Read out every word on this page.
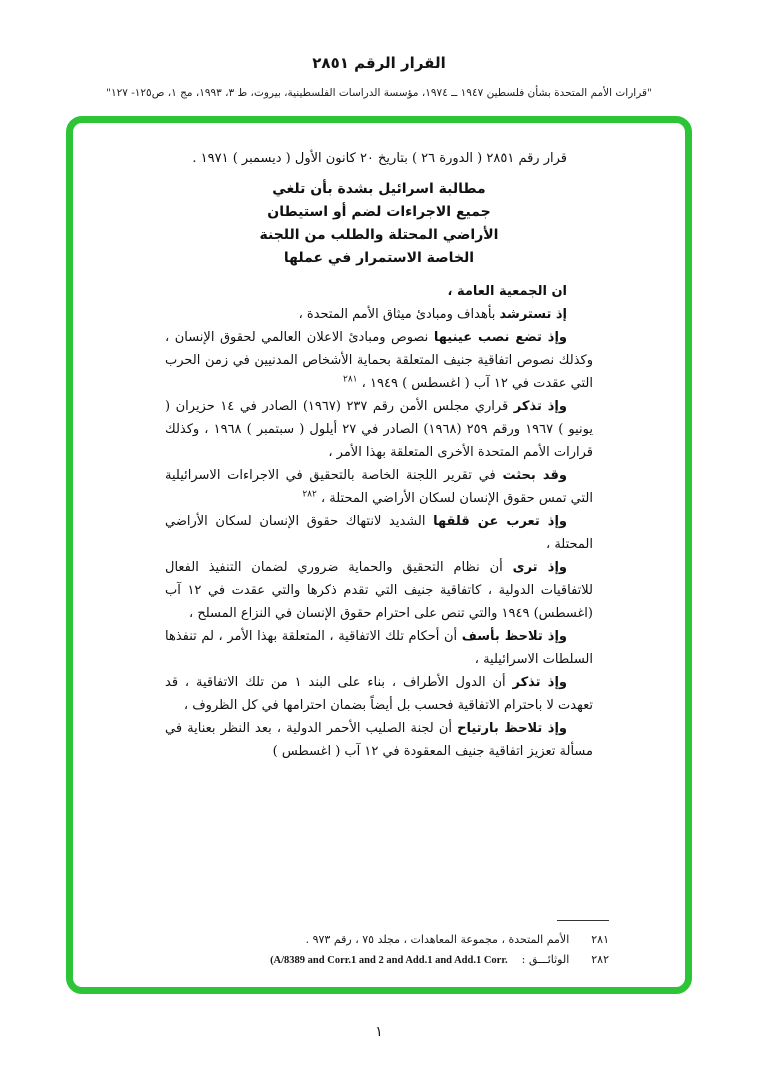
القرار الرقم ٢٨٥١
"قرارات الأمم المتحدة بشأن فلسطين ١٩٤٧ ــ ١٩٧٤، مؤسسة الدراسات الفلسطينية، بيروت، ط ٣، ١٩٩٣، مج ١، ص١٢٥- ١٢٧"

قرار رقم ٢٨٥١ ( الدورة ٢٦ ) بتاريخ ٢٠ كانون الأول ( ديسمبر ) ١٩٧١ .

مطالبة اسرائيل بشدة بأن تلغي
جميع الاجراءات لضم أو استيطان
الأراضي المحتلة والطلب من اللجنة
الخاصة الاستمرار في عملها

ان الجمعية العامة ،

إذ تسترشد بأهداف ومبادئ ميثاق الأمم المتحدة ،

وإذ تضع نصب عينيها نصوص ومبادئ الاعلان العالمي لحقوق الإنسان ، وكذلك نصوص اتفاقية جنيف المتعلقة بحماية الأشخاص المدنيين في زمن الحرب التي عقدت في ١٢ آب ( اغسطس ) ١٩٤٩ ، $^{٢٨١}$

وإذ تذكر قراري مجلس الأمن رقم ٢٣٧ (١٩٦٧) الصادر في ١٤ حزيران ( يونيو ) ١٩٦٧ ورقم ٢٥٩ (١٩٦٨) الصادر في ٢٧ أيلول ( سبتمبر ) ١٩٦٨ ، وكذلك قرارات الأمم المتحدة الأخرى المتعلقة بهذا الأمر ،

وقد بحثت في تقرير اللجنة الخاصة بالتحقيق في الاجراءات الاسرائيلية التي تمس حقوق الإنسان لسكان الأراضي المحتلة ، $^{٢٨٢}$

وإذ تعرب عن قلقها الشديد لانتهاك حقوق الإنسان لسكان الأراضي المحتلة ،

وإذ ترى أن نظام التحقيق والحماية ضروري لضمان التنفيذ الفعال للاتفاقيات الدولية ، كاتفاقية جنيف التي تقدم ذكرها والتي عقدت في ١٢ آب (اغسطس) ١٩٤٩ والتي تنص على احترام حقوق الإنسان في النزاع المسلح ،

وإذ تلاحظ بأسف أن أحكام تلك الاتفاقية ، المتعلقة بهذا الأمر ، لم تنفذها السلطات الاسرائيلية ،

وإذ تذكر أن الدول الأطراف ، بناء على البند ١ من تلك الاتفاقية ، قد تعهدت لا باحترام الاتفاقية فحسب بل أيضاً بضمان احترامها في كل الظروف ،

وإذ تلاحظ بارتياح أن لجنة الصليب الأحمر الدولية ، بعد النظر بعناية في مسألة تعزيز اتفاقية جنيف المعقودة في ١٢ آب ( اغسطس )

٢٨١الأمم المتحدة ، مجموعة المعاهدات ، مجلد ٧٥ ، رقم ٩٧٣ .
٢٨٢الوثائـــق :(A/8389 and Corr.1 and 2 and Add.1 and Add.1 Corr.
١
